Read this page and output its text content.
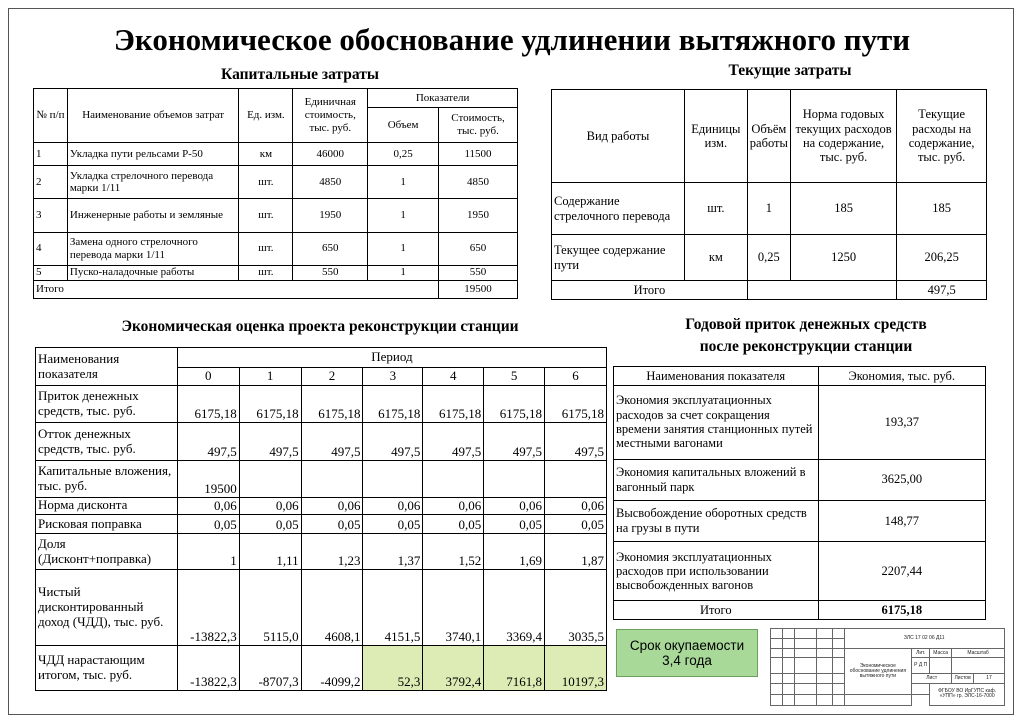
Экономическое обоснование удлинении вытяжного пути
Капитальные затраты
№ п/п	Наименование объемов затрат	Ед. изм.	Единичная стоимость, тыс. руб.	Показатели	
				Объем	Стоимость, тыс. руб.
1	Укладка пути рельсами Р-50	км	46000	0,25	11500
2	Укладка стрелочного перевода марки 1/11	шт.	4850	1	4850
3	Инженерные работы и земляные	шт.	1950	1	1950
4	Замена одного стрелочного перевода марки 1/11	шт.	650	1	650
5	Пуско-наладочные работы	шт.	550	1	550
Итого					19500
Текущие затраты
Вид работы	Единицы изм.	Объём работы	Норма годовых текущих расходов на содержание, тыс. руб.	Текущие расходы на содержание, тыс. руб.
Содержание стрелочного перевода	шт.	1	185	185
Текущее содержание пути	км	0,25	1250	206,25
Итого				497,5
Экономическая оценка проекта реконструкции станции
Наименования показателя	Период						
	0	1	2	3	4	5	6
Приток денежных средств, тыс. руб.	6175,18	6175,18	6175,18	6175,18	6175,18	6175,18	6175,18
Отток денежных средств, тыс. руб.	497,5	497,5	497,5	497,5	497,5	497,5	497,5
Капитальные вложения, тыс. руб.	19500						
Норма дисконта	0,06	0,06	0,06	0,06	0,06	0,06	0,06
Рисковая поправка	0,05	0,05	0,05	0,05	0,05	0,05	0,05
Доля (Дисконт+поправка)	1	1,11	1,23	1,37	1,52	1,69	1,87
Чистый дисконтированный доход (ЧДД), тыс. руб.	-13822,3	5115,0	4608,1	4151,5	3740,1	3369,4	3035,5
ЧДД нарастающим итогом, тыс. руб.	-13822,3	-8707,3	-4099,2	52,3	3792,4	7161,8	10197,3
Годовой приток денежных средств
после реконструкции станции
Наименования показателя	Экономия, тыс. руб.
Экономия эксплуатационных расходов за счет сокращения времени занятия станционных путей местными вагонами	193,37
Экономия капитальных вложений в вагонный парк	3625,00
Высвобождение оборотных средств на грузы в пути	148,77
Экономия эксплуатационных расходов при использовании высвобожденных вагонов	2207,44
Итого	6175,18
Срок окупаемости
3,4 года
					ЗЛС 17 02 06 Д11				

					Экономическое обоснование удлинения вытяжного пути	Лит.	Масса	Масштаб	
						Р Д П			
						Лист		Листов	17
							ФГБОУ ВО ИрГУПС каф. «УПП» гр. ЭЛС-16-7000		
